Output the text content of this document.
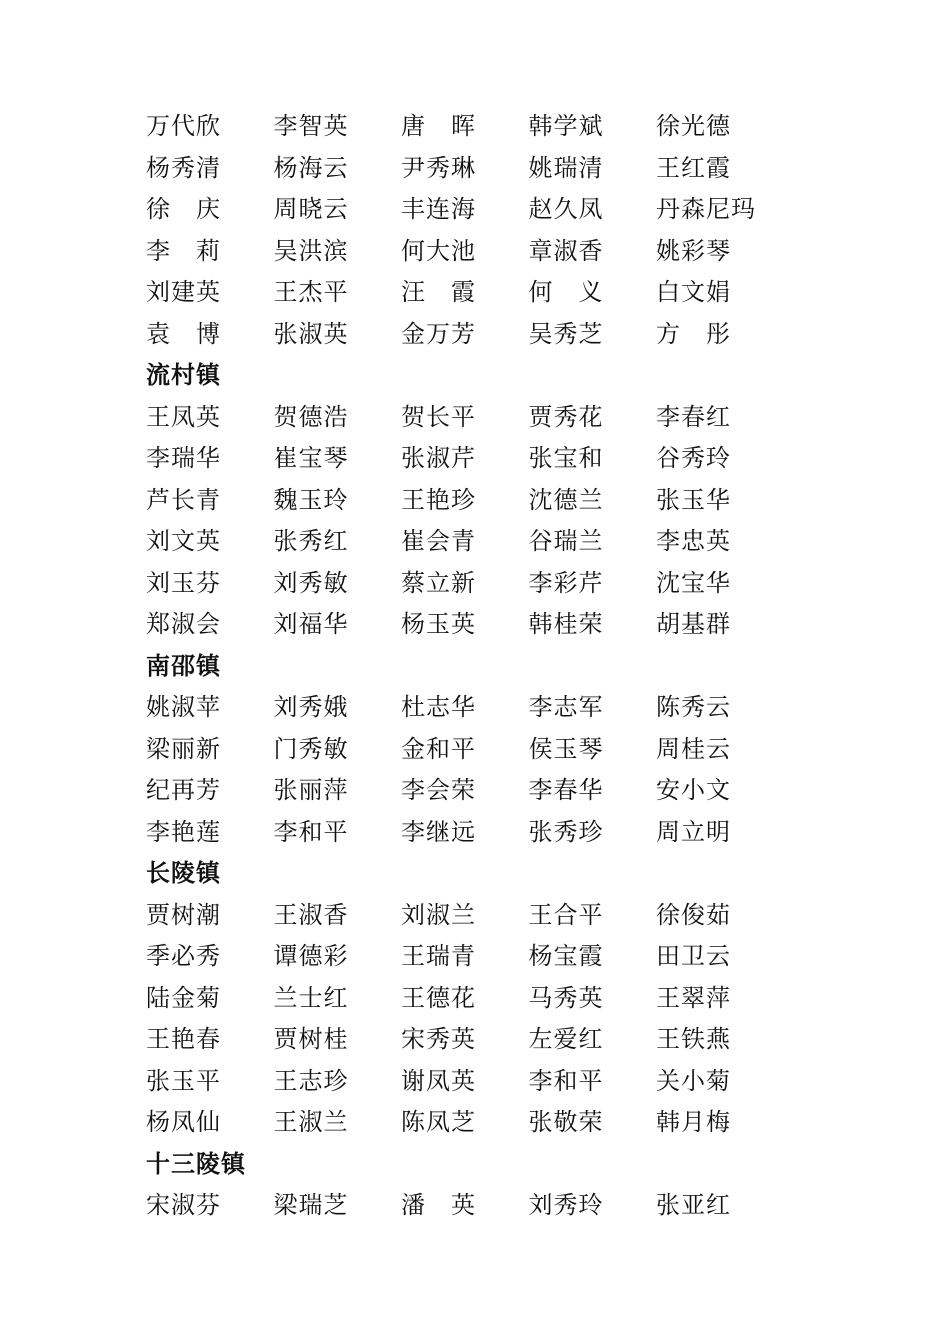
万代欣	李智英	唐　晖	韩学斌	徐光德
杨秀清	杨海云	尹秀琳	姚瑞清	王红霞
徐　庆	周晓云	丰连海	赵久凤	丹森尼玛
李　莉	吴洪滨	何大池	章淑香	姚彩琴
刘建英	王杰平	汪　霞	何　义	白文娟
袁　博	张淑英	金万芳	吴秀芝	方　彤
流村镇
王凤英	贺德浩	贺长平	贾秀花	李春红
李瑞华	崔宝琴	张淑芹	张宝和	谷秀玲
芦长青	魏玉玲	王艳珍	沈德兰	张玉华
刘文英	张秀红	崔会青	谷瑞兰	李忠英
刘玉芬	刘秀敏	蔡立新	李彩芹	沈宝华
郑淑会	刘福华	杨玉英	韩桂荣	胡基群
南邵镇
姚淑苹	刘秀娥	杜志华	李志军	陈秀云
梁丽新	门秀敏	金和平	侯玉琴	周桂云
纪再芳	张丽萍	李会荣	李春华	安小文
李艳莲	李和平	李继远	张秀珍	周立明
长陵镇
贾树潮	王淑香	刘淑兰	王合平	徐俊茹
季必秀	谭德彩	王瑞青	杨宝霞	田卫云
陆金菊	兰士红	王德花	马秀英	王翠萍
王艳春	贾树桂	宋秀英	左爱红	王铁燕
张玉平	王志珍	谢凤英	李和平	关小菊
杨凤仙	王淑兰	陈凤芝	张敬荣	韩月梅
十三陵镇
宋淑芬	梁瑞芝	潘　英	刘秀玲	张亚红
